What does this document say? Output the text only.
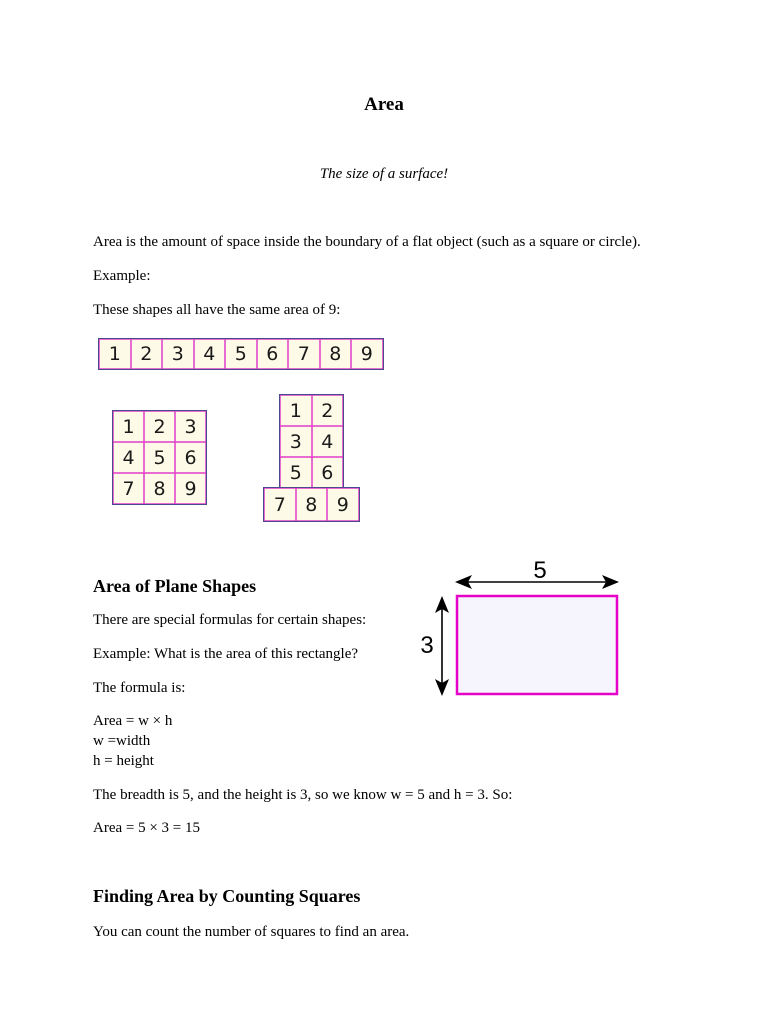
Area
The size of a surface!
Area is the amount of space inside the boundary of a flat object (such as a square or circle).
Example:
These shapes all have the same area of 9:
1	2	3	4	5	6	7	8	9
1 2 3
4 5 6
7 8 9
1	2
3	4
5	6
7	8	9
Area of Plane Shapes
There are special formulas for certain shapes:
Example: What is the area of this rectangle?
The formula is:
Area = w × h
w =width
h = height
The breadth is 5, and the height is 3, so we know w = 5 and h = 3. So:
Area = 5 × 3 = 15
5
3
Finding Area by Counting Squares
You can count the number of squares to find an area.
